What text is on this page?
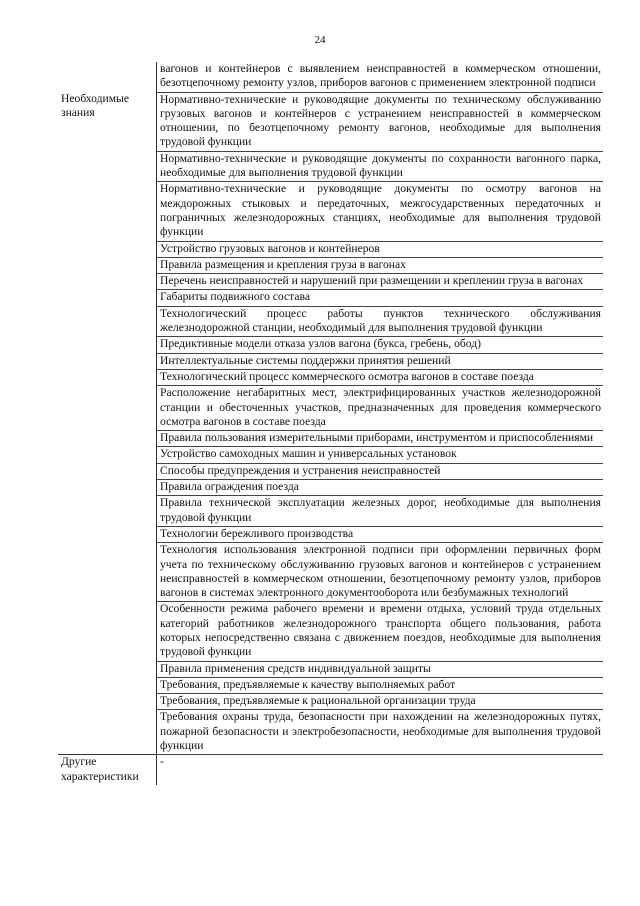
24
	вагонов и контейнеров с выявлением неисправностей в коммерческом отношении, безотцепочному ремонту узлов, приборов вагонов с применением электронной подписи

Необходимые знания	Нормативно-технические и руководящие документы по техническому обслуживанию грузовых вагонов и контейнеров с устранением неисправностей в коммерческом отношении, по безотцепочному ремонту вагонов, необходимые для выполнения трудовой функции
	Нормативно-технические и руководящие документы по сохранности вагонного парка, необходимые для выполнения трудовой функции
	Нормативно-технические и руководящие документы по осмотру вагонов на междорожных стыковых и передаточных, межгосударственных передаточных и пограничных железнодорожных станциях, необходимые для выполнения трудовой функции
	Устройство грузовых вагонов и контейнеров
	Правила размещения и крепления груза в вагонах
	Перечень неисправностей и нарушений при размещении и креплении груза в вагонах
	Габариты подвижного состава
	Технологический процесс работы пунктов технического обслуживания железнодорожной станции, необходимый для выполнения трудовой функции
	Предиктивные модели отказа узлов вагона (букса, гребень, обод)
	Интеллектуальные системы поддержки принятия решений
	Технологический процесс коммерческого осмотра вагонов в составе поезда
	Расположение негабаритных мест, электрифицированных участков железнодорожной станции и обесточенных участков, предназначенных для проведения коммерческого осмотра вагонов в составе поезда
	Правила пользования измерительными приборами, инструментом и приспособлениями
	Устройство самоходных машин и универсальных установок
	Способы предупреждения и устранения неисправностей
	Правила ограждения поезда
	Правила технической эксплуатации железных дорог, необходимые для выполнения трудовой функции
	Технологии бережливого производства
	Технология использования электронной подписи при оформлении первичных форм учета по техническому обслуживанию грузовых вагонов и контейнеров с устранением неисправностей в коммерческом отношении, безотцепочному ремонту узлов, приборов вагонов в системах электронного документооборота или безбумажных технологий
	Особенности режима рабочего времени и времени отдыха, условий труда отдельных категорий работников железнодорожного транспорта общего пользования, работа которых непосредственно связана с движением поездов, необходимые для выполнения трудовой функции
	Правила применения средств индивидуальной защиты
	Требования, предъявляемые к качеству выполняемых работ
	Требования, предъявляемые к рациональной организации труда
	Требования охраны труда, безопасности при нахождении на железнодорожных путях, пожарной безопасности и электробезопасности, необходимые для выполнения трудовой функции
Другие характеристики	-
